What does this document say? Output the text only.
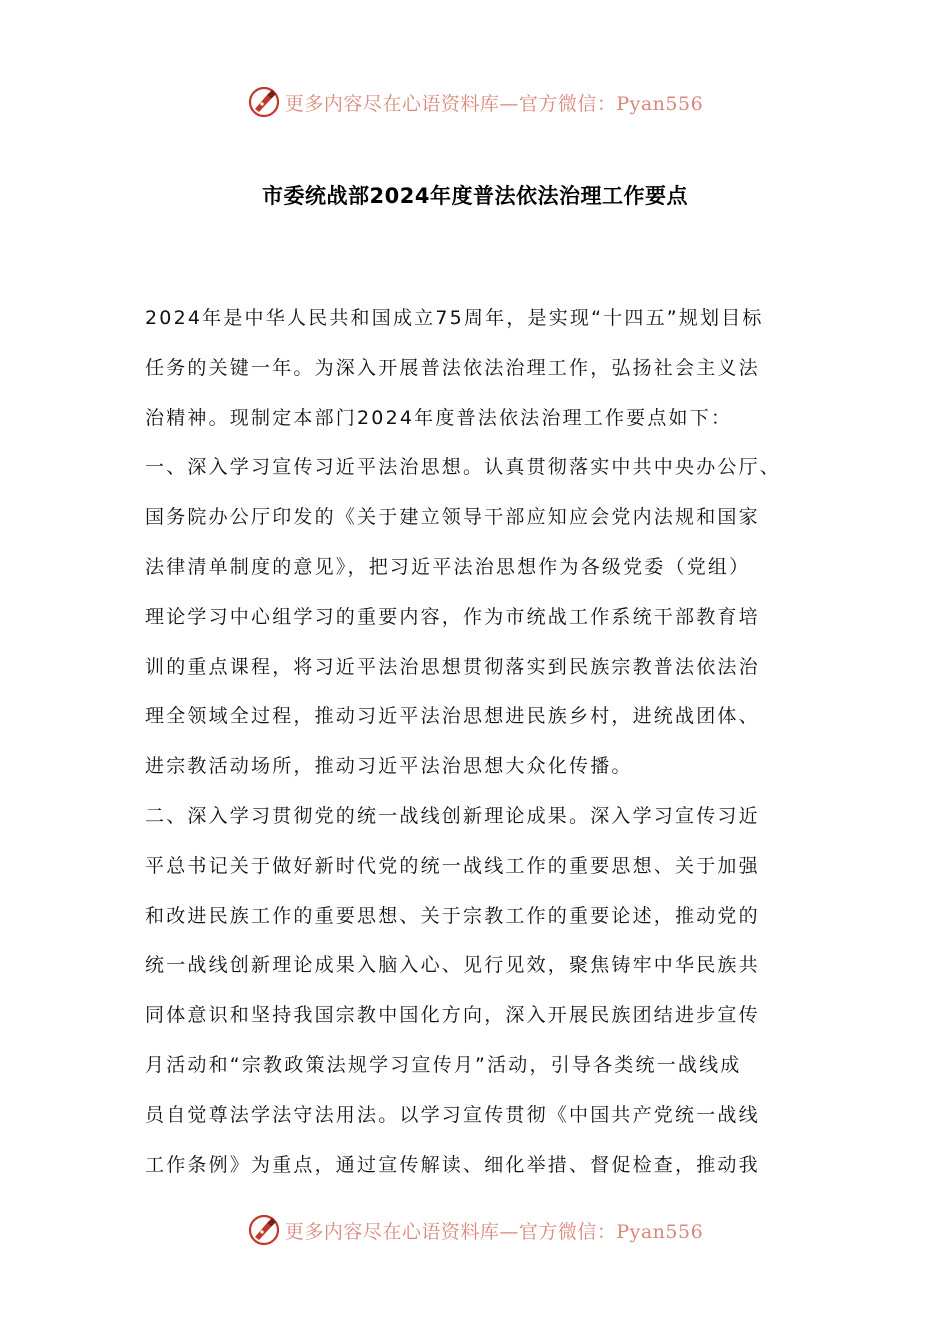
更多内容尽在心语资料库—官方微信：Pyan556
市委统战部2024年度普法依法治理工作要点
2024年是中华人民共和国成立75周年，是实现“十四五”规划目标
任务的关键一年。为深入开展普法依法治理工作，弘扬社会主义法
治精神。现制定本部门2024年度普法依法治理工作要点如下：
一、深入学习宣传习近平法治思想。认真贯彻落实中共中央办公厅、
国务院办公厅印发的《关于建立领导干部应知应会党内法规和国家
法律清单制度的意见》，把习近平法治思想作为各级党委（党组）
理论学习中心组学习的重要内容，作为市统战工作系统干部教育培
训的重点课程，将习近平法治思想贯彻落实到民族宗教普法依法治
理全领域全过程，推动习近平法治思想进民族乡村，进统战团体、
进宗教活动场所，推动习近平法治思想大众化传播。
二、深入学习贯彻党的统一战线创新理论成果。深入学习宣传习近
平总书记关于做好新时代党的统一战线工作的重要思想、关于加强
和改进民族工作的重要思想、关于宗教工作的重要论述，推动党的
统一战线创新理论成果入脑入心、见行见效，聚焦铸牢中华民族共
同体意识和坚持我国宗教中国化方向，深入开展民族团结进步宣传
月活动和“宗教政策法规学习宣传月”活动，引导各类统一战线成
员自觉尊法学法守法用法。以学习宣传贯彻《中国共产党统一战线
工作条例》为重点，通过宣传解读、细化举措、督促检查，推动我
更多内容尽在心语资料库—官方微信：Pyan556
